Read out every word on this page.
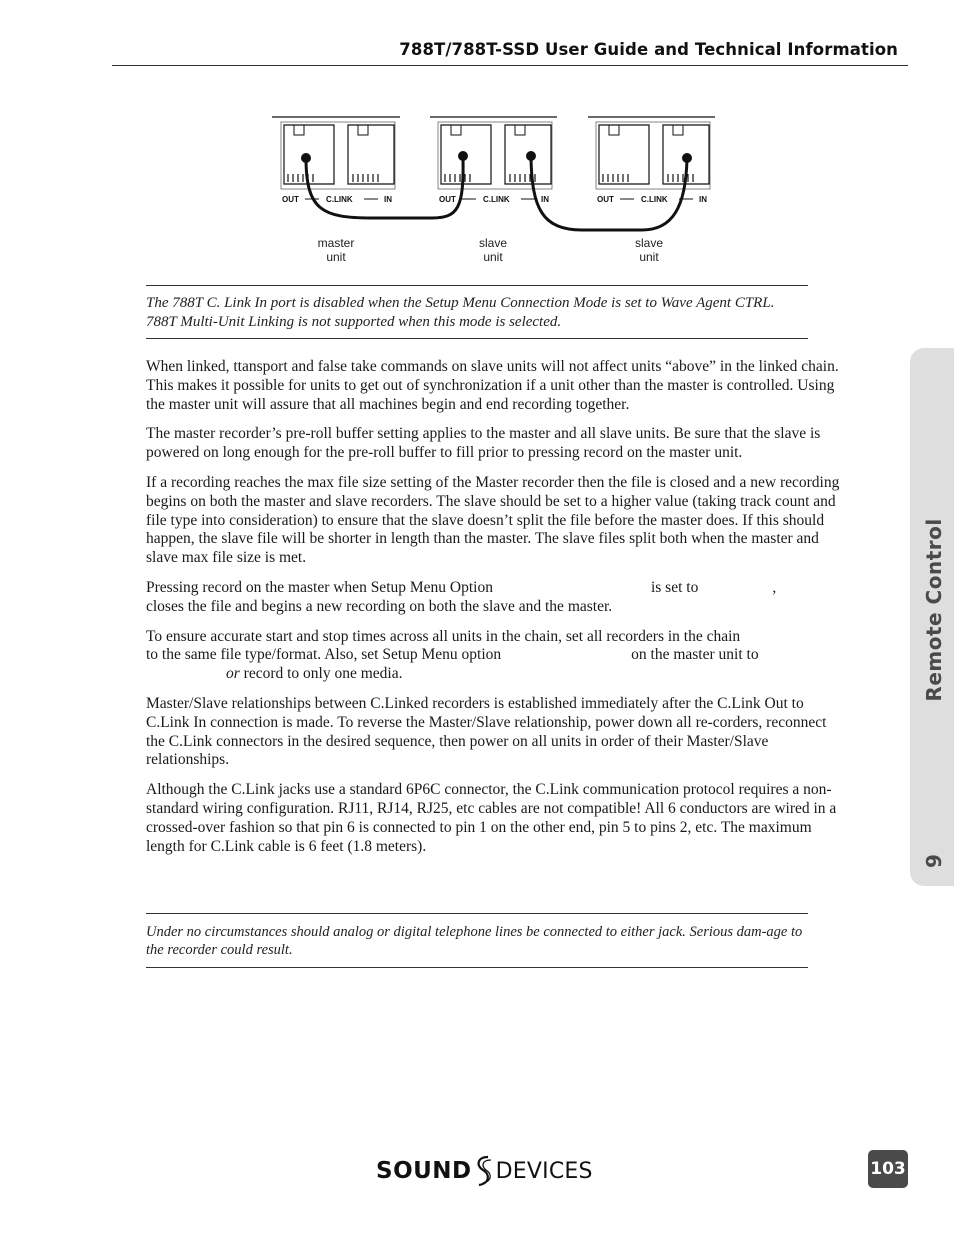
788T/788T-SSD User Guide and Technical Information
OUT	C.LINK	IN	OUT	C.LINK	IN	OUT	C.LINK	IN
master
unit
slave
unit
slave
unit
The 788T C. Link In port is disabled when the Setup Menu Connection Mode is set to Wave Agent CTRL. 788T Multi-Unit Linking is not supported when this mode is selected.

When linked, ttansport and false take commands on slave units will not affect units “above” in the linked chain. This makes it possible for units to get out of synchronization if a unit other than the master is controlled. Using the master unit will assure that all machines begin and end recording together.

The master recorder’s pre-roll buffer setting applies to the master and all slave units. Be sure that the slave is powered on long enough for the pre-roll buffer to fill prior to pressing record on the master unit.

If a recording reaches the max file size setting of the Master recorder then the file is closed and a new recording begins on both the master and slave recorders. The slave should be set to a higher value (taking track count and file type into consideration) to ensure that the slave doesn’t split the file before the master does. If this should happen, the slave file will be shorter in length than the master. The slave files split both when the master and slave max file size is met.

Pressing record on the master when Setup Menu Option	is set to	,
closes the file and begins a new recording on both the slave and the master.

To ensure accurate start and stop times across all units in the chain, set all recorders in the chain
to the same file type/format. Also, set Setup Menu option	on the master unit to
or record to only one media.

Master/Slave relationships between C.Linked recorders is established immediately after the C.Link Out to C.Link In connection is made. To reverse the Master/Slave relationship, power down all re-corders, reconnect the C.Link connectors in the desired sequence, then power on all units in order of their Master/Slave relationships.

Although the C.Link jacks use a standard 6P6C connector, the C.Link communication protocol requires a non-standard wiring configuration. RJ11, RJ14, RJ25, etc cables are not compatible! All 6 conductors are wired in a crossed-over fashion so that pin 6 is connected to pin 1 on the other end, pin 5 to pins 2, etc. The maximum length for C.Link cable is 6 feet (1.8 meters).

Under no circumstances should analog or digital telephone lines be connected to either jack. Serious dam-age to the recorder could result.
9Remote Control
SOUND DEVICES	103
